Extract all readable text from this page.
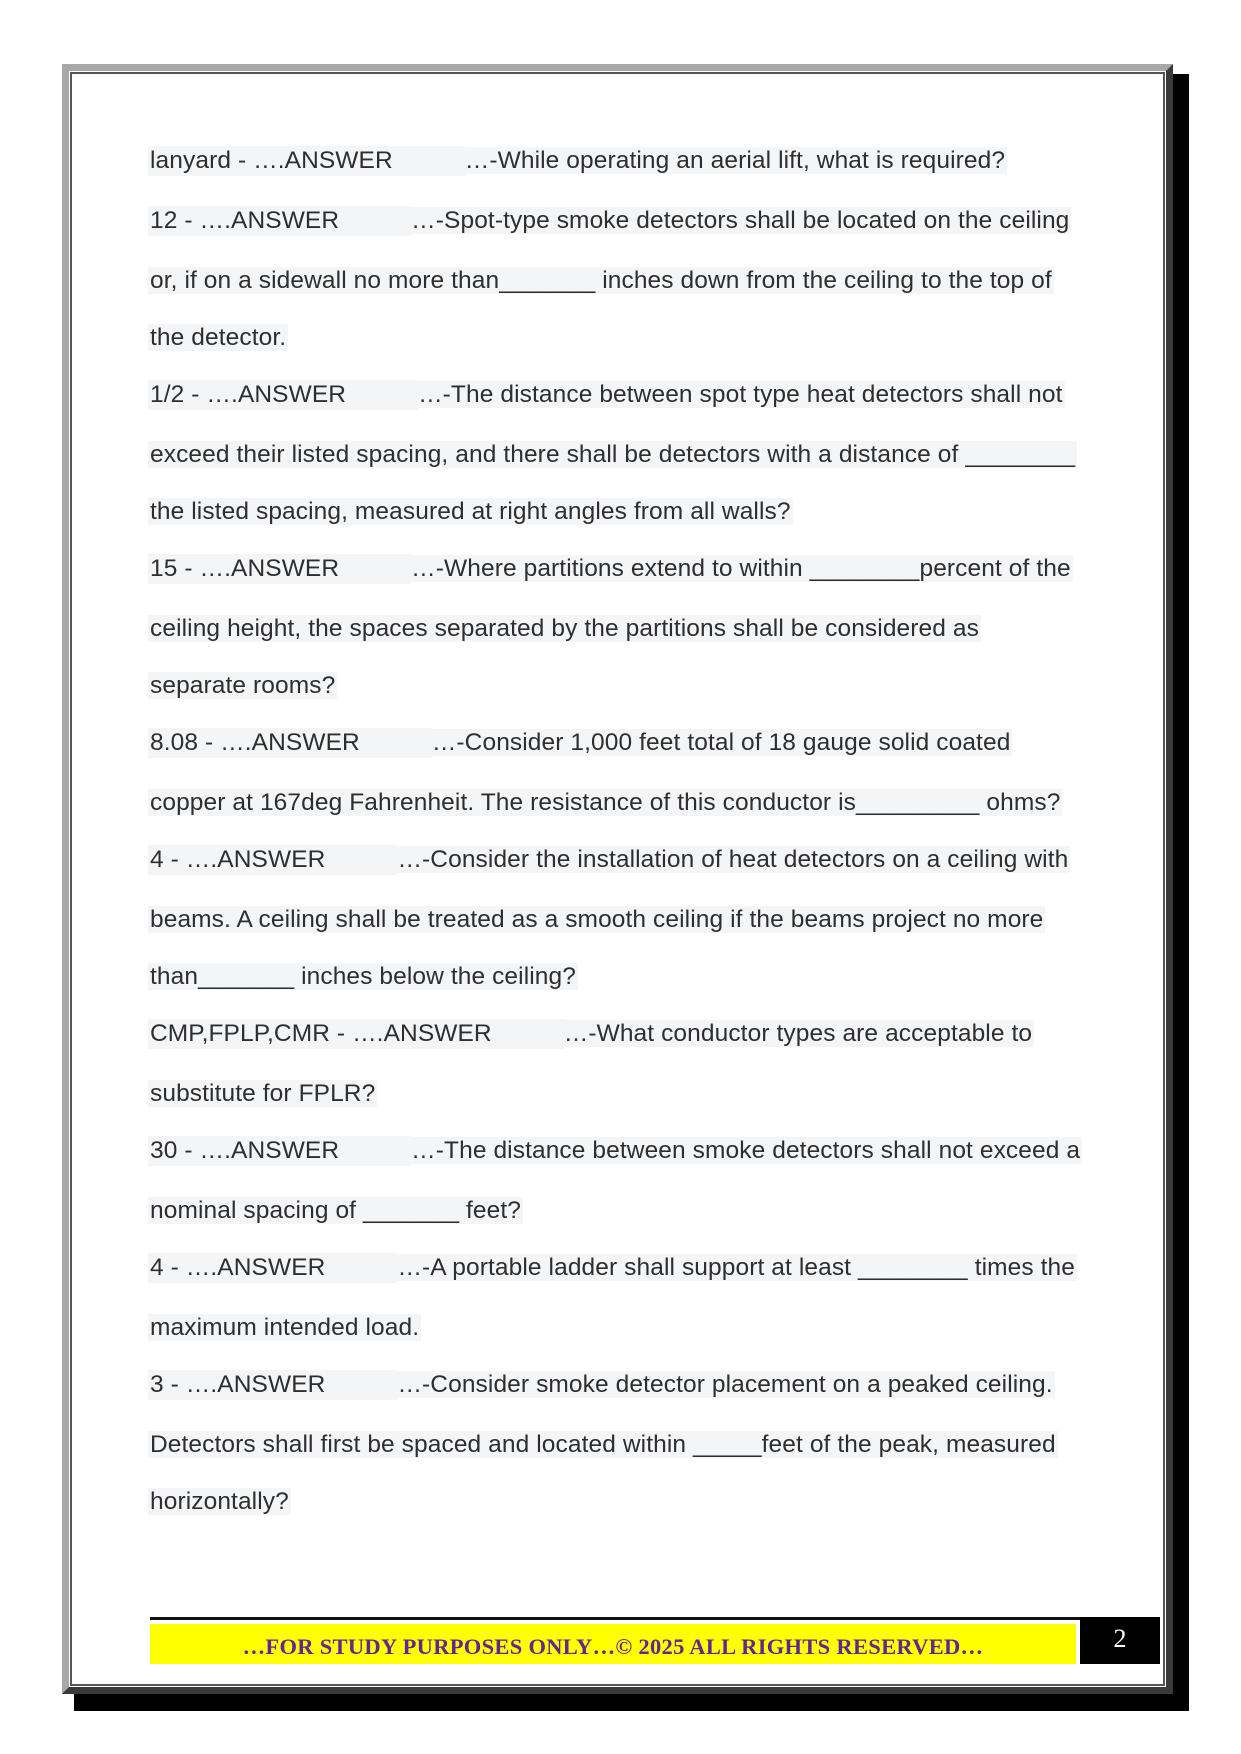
lanyard - ….ANSWER	…-While operating an aerial lift, what is required?
12 - ….ANSWER	…-Spot-type smoke detectors shall be located on the ceiling
or, if on a sidewall no more than_______ inches down from the ceiling to the top of
the detector.
1/2 - ….ANSWER	…-The distance between spot type heat detectors shall not
exceed their listed spacing, and there shall be detectors with a distance of ________
the listed spacing, measured at right angles from all walls?
15 - ….ANSWER	…-Where partitions extend to within ________percent of the
ceiling height, the spaces separated by the partitions shall be considered as
separate rooms?
8.08 - ….ANSWER	…-Consider 1,000 feet total of 18 gauge solid coated
copper at 167deg Fahrenheit. The resistance of this conductor is_________ ohms?
4 - ….ANSWER	…-Consider the installation of heat detectors on a ceiling with
beams. A ceiling shall be treated as a smooth ceiling if the beams project no more
than_______ inches below the ceiling?
CMP,FPLP,CMR - ….ANSWER	…-What conductor types are acceptable to
substitute for FPLR?
30 - ….ANSWER	…-The distance between smoke detectors shall not exceed a
nominal spacing of _______ feet?
4 - ….ANSWER	…-A portable ladder shall support at least ________ times the
maximum intended load.
3 - ….ANSWER	…-Consider smoke detector placement on a peaked ceiling.
Detectors shall first be spaced and located within _____feet of the peak, measured
horizontally?
…FOR STUDY PURPOSES ONLY…© 2025 ALL RIGHTS RESERVED…	2
